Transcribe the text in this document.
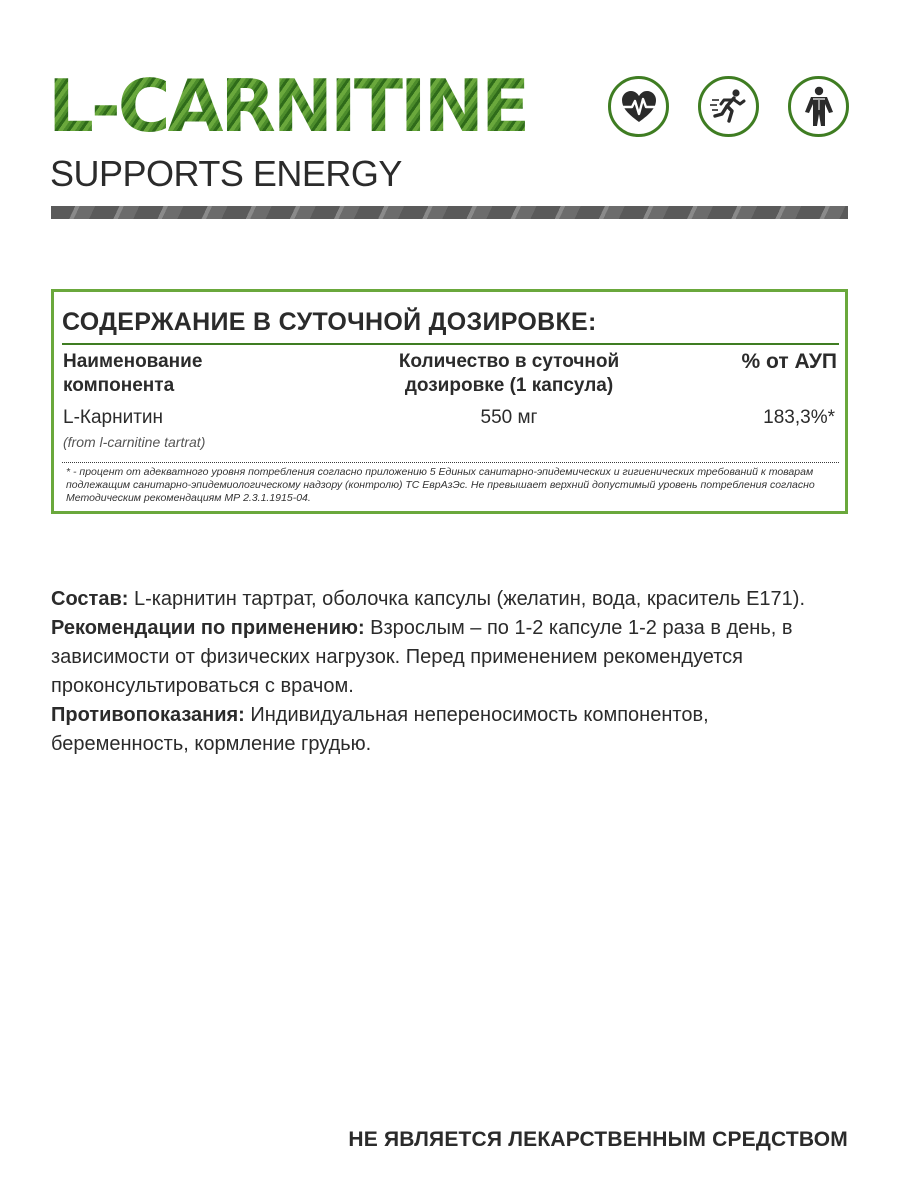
L-CARNITINE
SUPPORTS ENERGY
СОДЕРЖАНИЕ В СУТОЧНОЙ ДОЗИРОВКЕ:
Наименование компонента
Количество в суточной дозировке (1 капсула)
% от АУП
L-Карнитин
(from l-carnitine tartrat)
550 мг	183,3%*
* - процент от адекватного уровня потребления согласно приложению 5 Единых санитарно-эпидемических и гигиенических требований к товарам подлежащим санитарно-эпидемиологическому надзору (контролю) ТС ЕврАзЭс. Не превышает верхний допустимый уровень потребления согласно Методическим рекомендациям МР 2.3.1.1915-04.

Состав: L-карнитин тартрат, оболочка капсулы (желатин, вода, краситель Е171).

Рекомендации по применению: Взрослым – по 1-2 капсуле 1-2 раза в день, в зависимости от физических нагрузок. Перед применением рекомендуется проконсультироваться с врачом.

Противопоказания: Индивидуальная непереносимость компонентов, беременность, кормление грудью.

НЕ ЯВЛЯЕТСЯ ЛЕКАРСТВЕННЫМ СРЕДСТВОМ
